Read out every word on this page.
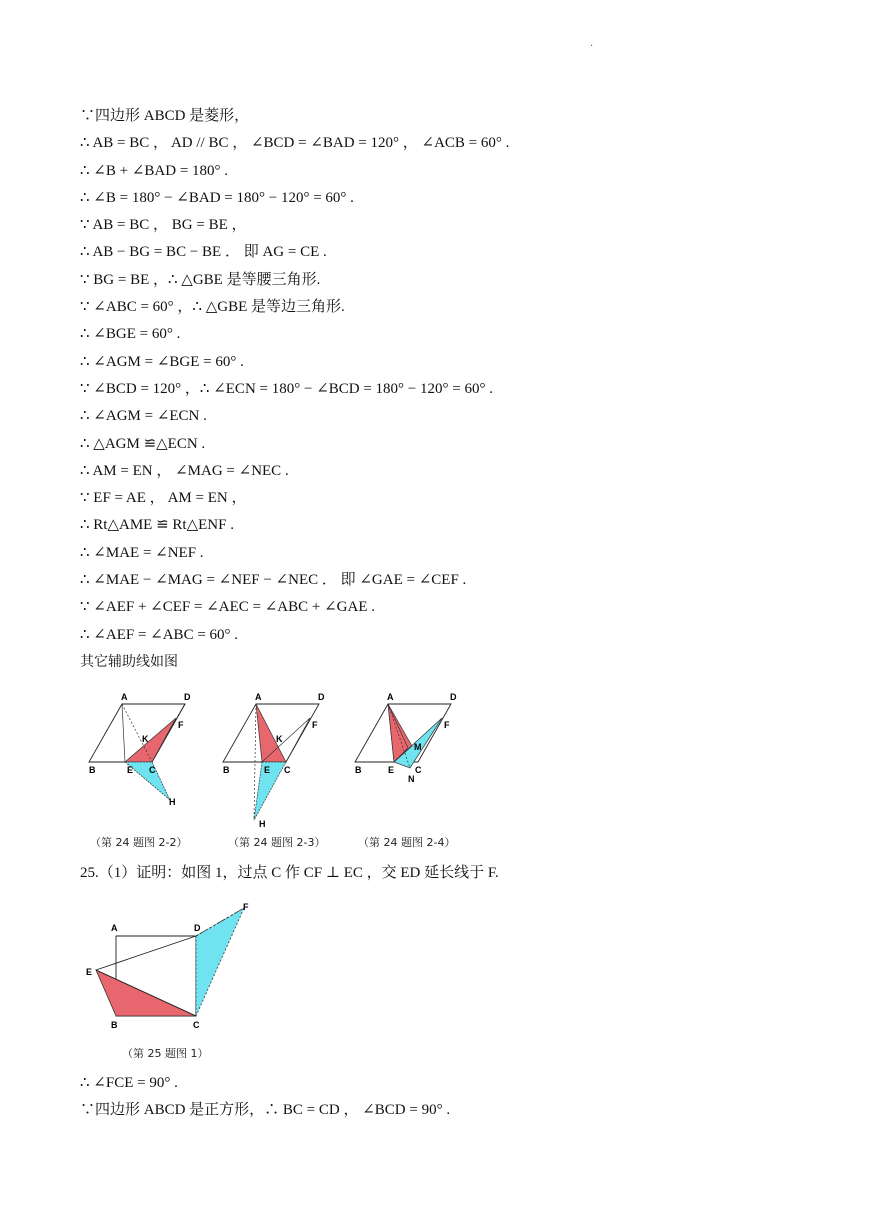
.
∵四边形 ABCD 是菱形，
∴ AB = BC ， AD // BC ， ∠BCD = ∠BAD = 120° ， ∠ACB = 60° .
∴ ∠B + ∠BAD = 180° .
∴ ∠B = 180° − ∠BAD = 180° − 120° = 60° .
∵ AB = BC ， BG = BE ，
∴ AB − BG = BC − BE ． 即 AG = CE .
∵ BG = BE ，∴ △GBE 是等腰三角形.
∵ ∠ABC = 60° ，∴ △GBE 是等边三角形.
∴ ∠BGE = 60° .
∴ ∠AGM = ∠BGE = 60° .
∵ ∠BCD = 120° ，∴ ∠ECN = 180° − ∠BCD = 180° − 120° = 60° .
∴ ∠AGM = ∠ECN .
∴ △AGM ≌△ECN .
∴ AM = EN ， ∠MAG = ∠NEC .
∵ EF = AE ， AM = EN ，
∴ Rt△AME ≌ Rt△ENF .
∴ ∠MAE = ∠NEF .
∴ ∠MAE − ∠MAG = ∠NEF − ∠NEC ． 即 ∠GAE = ∠CEF .
∵ ∠AEF + ∠CEF = ∠AEC = ∠ABC + ∠GAE .
∴ ∠AEF = ∠ABC = 60° .
其它辅助线如图
A	D
F
K
B	E C
H
A	D
F
K
B	E C
H
A	D
F
M
B	E C
N
（第 24 题图 2-2）	（第 24 题图 2-3）	（第 24 题图 2-4）
25.（1）证明：如图 1，过点 C 作 CF ⊥ EC ，交 ED 延长线于 F.
A	D
F
E
B	C
（第 25 题图 1）
∴ ∠FCE = 90° .
∵四边形 ABCD 是正方形，∴ BC = CD ， ∠BCD = 90° .
